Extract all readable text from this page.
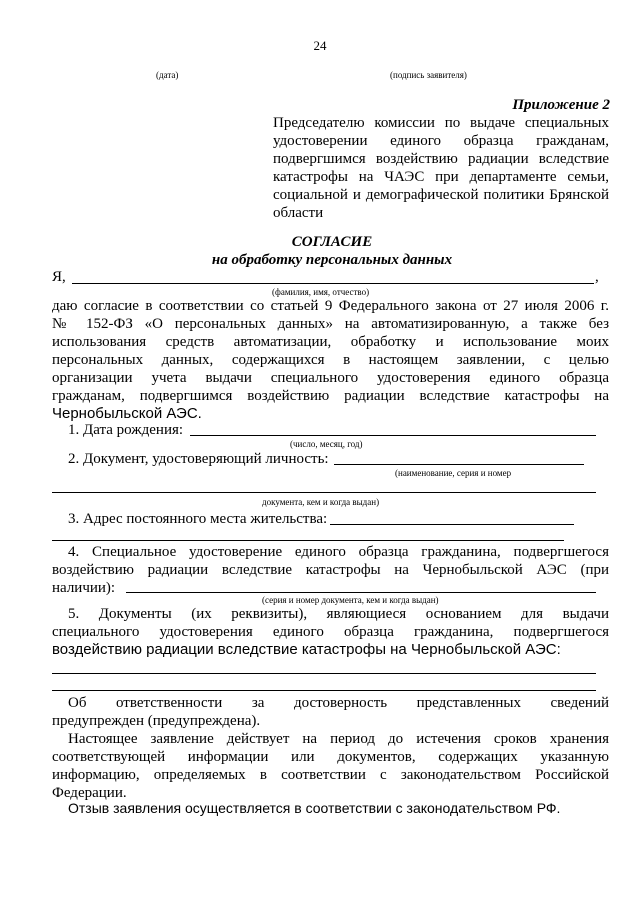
24
(дата)	(подпись заявителя)
Приложение 2
Председателю комиссии по выдаче специальных
удостоверении единого образца гражданам,
подвергшимся воздействию радиации вследствие
катастрофы на ЧАЭС при департаменте семьи,
социальной и демографической политики Брянской
области
СОГЛАСИЕ
на обработку персональных данных
Я,	,
(фамилия, имя, отчество)
даю согласие в соответствии со статьей 9 Федерального закона от 27 июля 2006 г.
№ 152-ФЗ «О персональных данных» на автоматизированную, а также без
использования средств автоматизации, обработку и использование моих
персональных данных, содержащихся в настоящем заявлении, с целью
организации учета выдачи специального удостоверения единого образца
гражданам, подвергшимся воздействию радиации вследствие катастрофы на
Чернобыльской АЭС.
1. Дата рождения:
(число, месяц, год)
2. Документ, удостоверяющий личность:
(наименование, серия и номер
документа, кем и когда выдан)
3. Адрес постоянного места жительства:
4. Специальное удостоверение единого образца гражданина, подвергшегося
воздействию радиации вследствие катастрофы на Чернобыльской АЭС (при
наличии):
(серия и номер документа, кем и когда выдан)
5. Документы (их реквизиты), являющиеся основанием для выдачи
специального удостоверения единого образца гражданина, подвергшегося
воздействию радиации вследствие катастрофы на Чернобыльской АЭС:
Об ответственности за достоверность представленных сведений
предупрежден (предупреждена).
Настоящее заявление действует на период до истечения сроков хранения
соответствующей информации или документов, содержащих указанную
информацию, определяемых в соответствии с законодательством Российской
Федерации.
Отзыв заявления осуществляется в соответствии с законодательством РФ.
